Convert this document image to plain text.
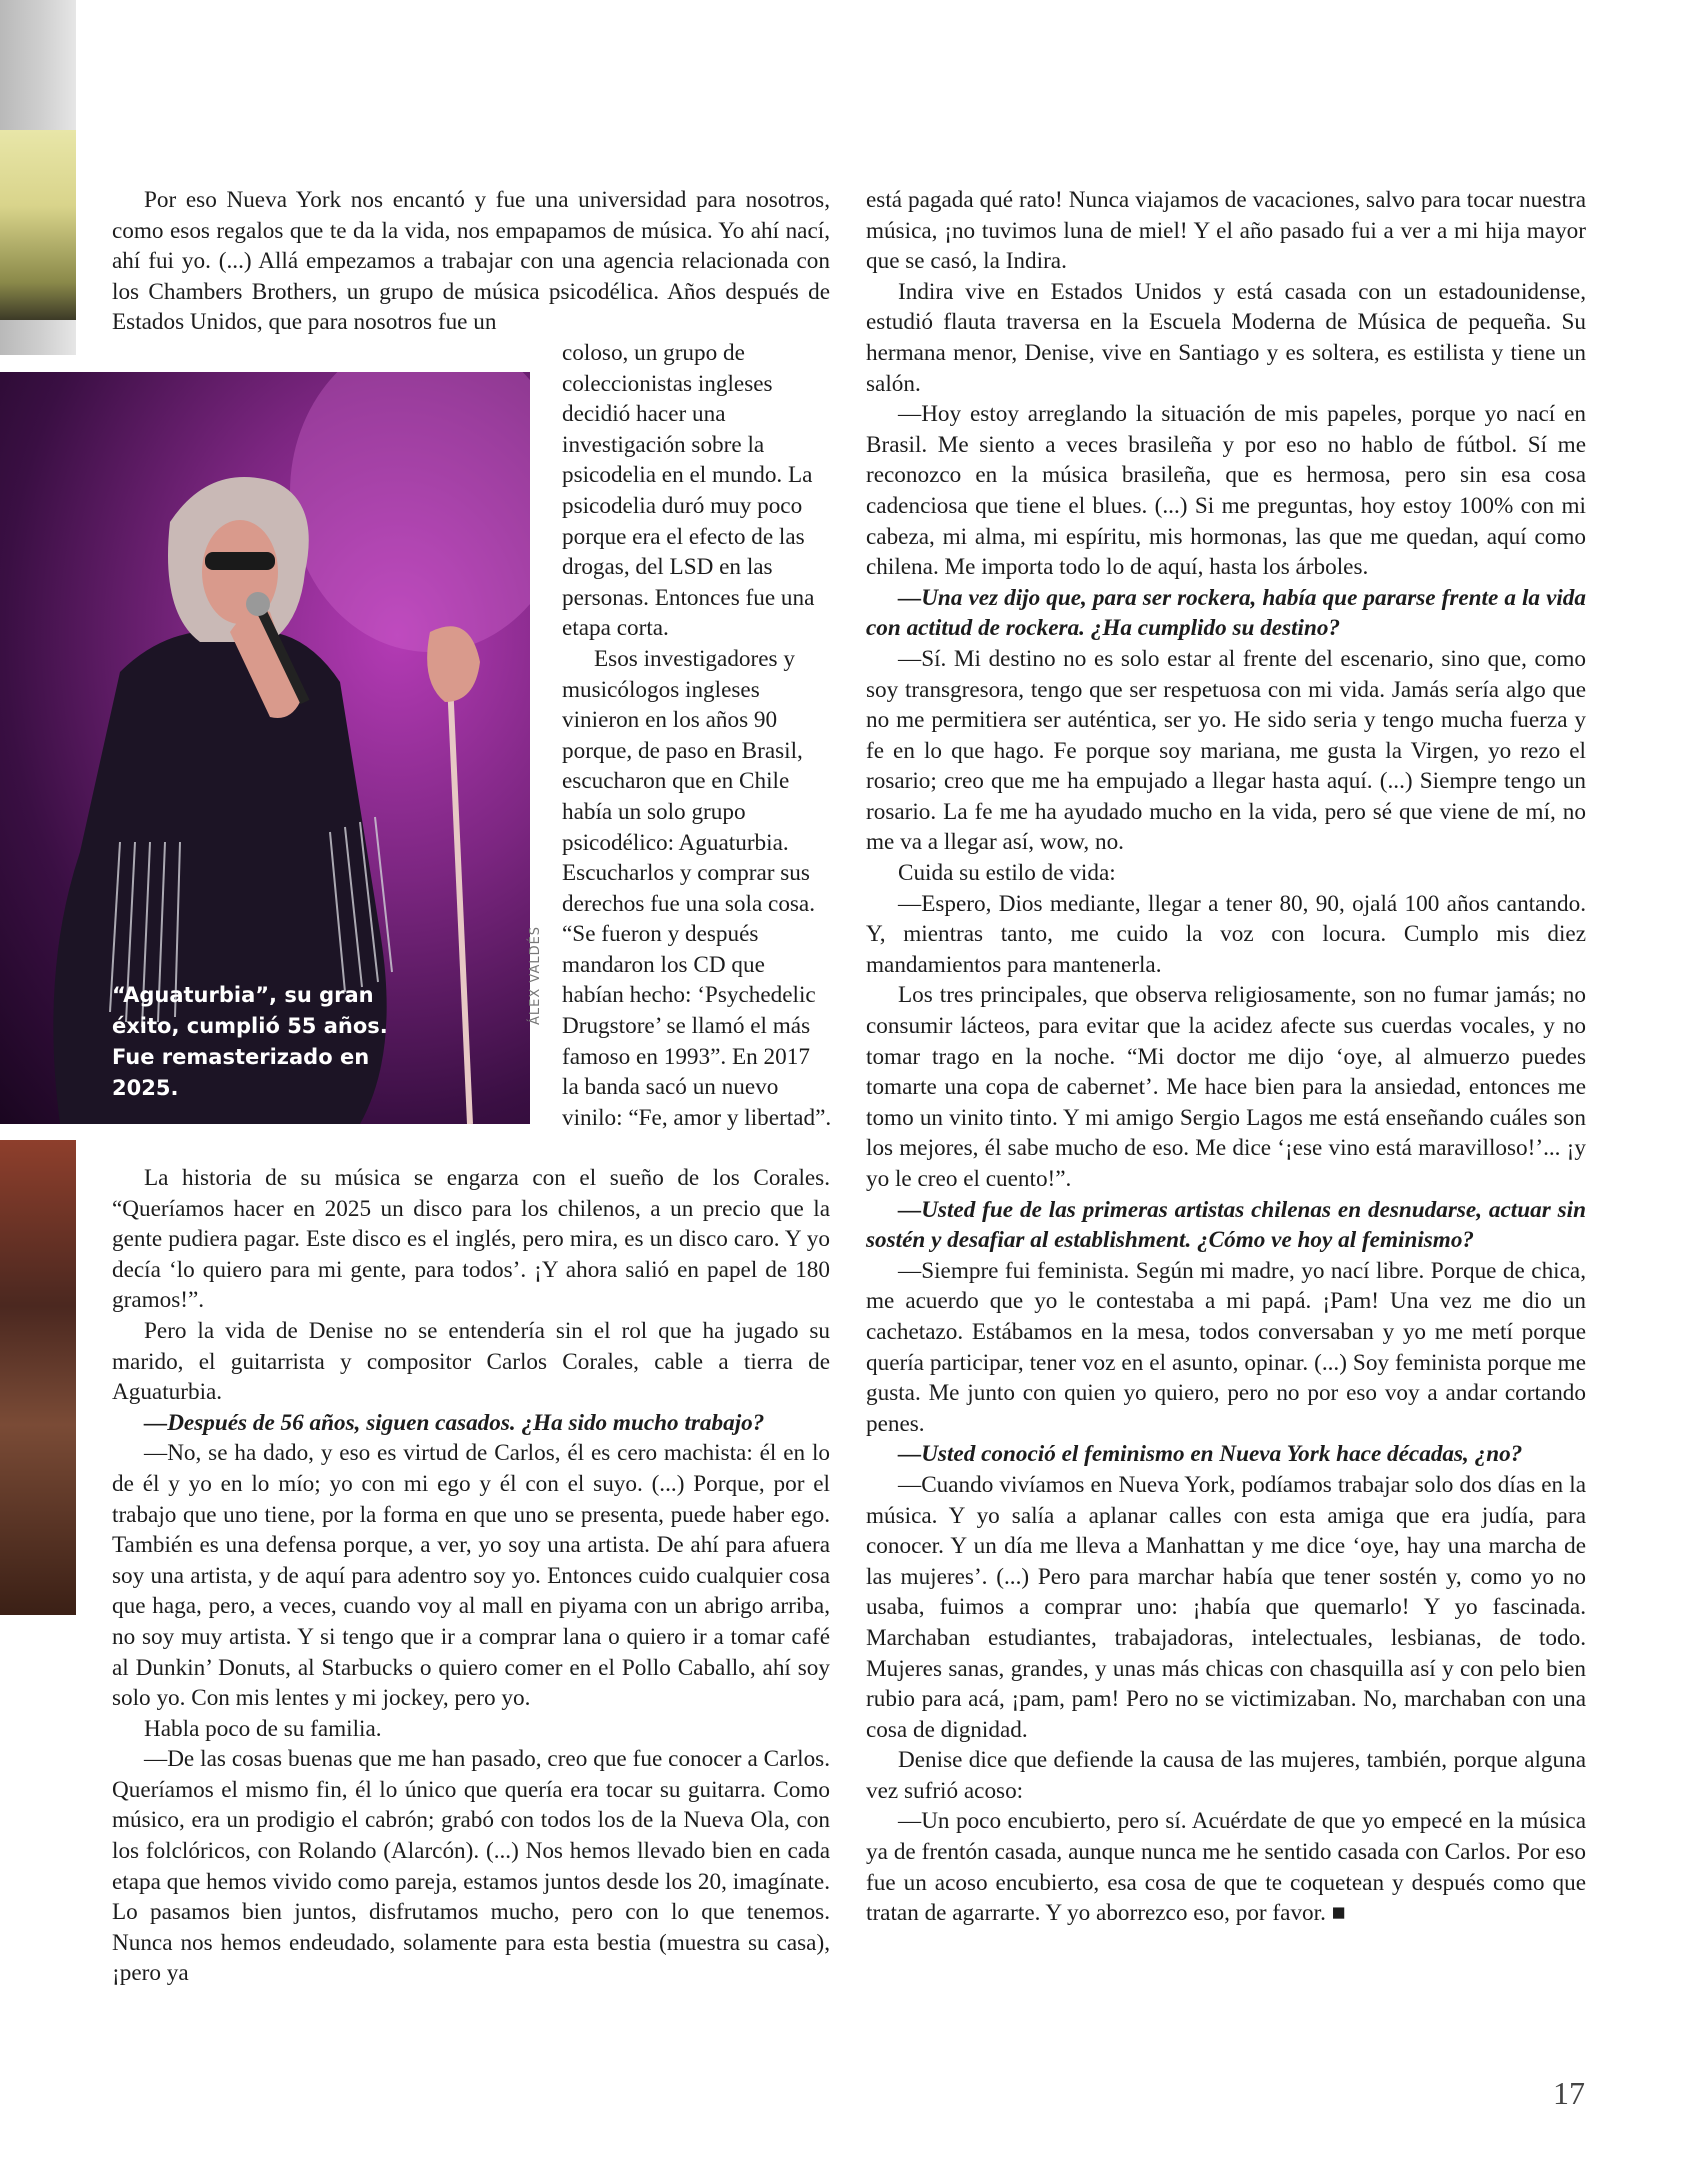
“Aguaturbia”, su gran éxito, cumplió 55 años. Fue remasterizado en 2025.
ÁLEX VALDÉS

Por eso Nueva York nos encantó y fue una universidad para nosotros, como esos regalos que te da la vida, nos empapamos de música. Yo ahí nací, ahí fui yo. (...) Allá empezamos a trabajar con una agencia relacionada con los Chambers Brothers, un grupo de música psicodélica. Años después de Estados Unidos, que para nosotros fue un

coloso, un grupo de coleccionistas ingleses decidió hacer una investigación sobre la psicodelia en el mundo. La psicodelia duró muy poco porque era el efecto de las drogas, del LSD en las personas. Entonces fue una etapa corta.

Esos investigadores y musicólogos ingleses vinieron en los años 90 porque, de paso en Brasil, escucharon que en Chile había un solo grupo psicodélico: Aguaturbia. Escucharlos y comprar sus derechos fue una sola cosa. “Se fueron y después mandaron los CD que habían hecho: ‘Psychedelic Drugstore’ se llamó el más famoso en 1993”. En 2017 la banda sacó un nuevo vinilo: “Fe, amor y libertad”.

La historia de su música se engarza con el sueño de los Corales. “Queríamos hacer en 2025 un disco para los chilenos, a un precio que la gente pudiera pagar. Este disco es el inglés, pero mira, es un disco caro. Y yo decía ‘lo quiero para mi gente, para todos’. ¡Y ahora salió en papel de 180 gramos!”.

Pero la vida de Denise no se entendería sin el rol que ha jugado su marido, el guitarrista y compositor Carlos Corales, cable a tierra de Aguaturbia.

—Después de 56 años, siguen casados. ¿Ha sido mucho trabajo?

—No, se ha dado, y eso es virtud de Carlos, él es cero machista: él en lo de él y yo en lo mío; yo con mi ego y él con el suyo. (...) Porque, por el trabajo que uno tiene, por la forma en que uno se presenta, puede haber ego. También es una defensa porque, a ver, yo soy una artista. De ahí para afuera soy una artista, y de aquí para adentro soy yo. Entonces cuido cualquier cosa que haga, pero, a veces, cuando voy al mall en piyama con un abrigo arriba, no soy muy artista. Y si tengo que ir a comprar lana o quiero ir a tomar café al Dunkin’ Donuts, al Starbucks o quiero comer en el Pollo Caballo, ahí soy solo yo. Con mis lentes y mi jockey, pero yo.

Habla poco de su familia.

—De las cosas buenas que me han pasado, creo que fue conocer a Carlos. Queríamos el mismo fin, él lo único que quería era tocar su guitarra. Como músico, era un prodigio el cabrón; grabó con todos los de la Nueva Ola, con los folclóricos, con Rolando (Alarcón). (...) Nos hemos llevado bien en cada etapa que hemos vivido como pareja, estamos juntos desde los 20, imagínate. Lo pasamos bien juntos, disfrutamos mucho, pero con lo que tenemos. Nunca nos hemos endeudado, solamente para esta bestia (muestra su casa), ¡pero ya

está pagada qué rato! Nunca viajamos de vacaciones, salvo para tocar nuestra música, ¡no tuvimos luna de miel! Y el año pasado fui a ver a mi hija mayor que se casó, la Indira.

Indira vive en Estados Unidos y está casada con un estadounidense, estudió flauta traversa en la Escuela Moderna de Música de pequeña. Su hermana menor, Denise, vive en Santiago y es soltera, es estilista y tiene un salón.

—Hoy estoy arreglando la situación de mis papeles, porque yo nací en Brasil. Me siento a veces brasileña y por eso no hablo de fútbol. Sí me reconozco en la música brasileña, que es hermosa, pero sin esa cosa cadenciosa que tiene el blues. (...) Si me preguntas, hoy estoy 100% con mi cabeza, mi alma, mi espíritu, mis hormonas, las que me quedan, aquí como chilena. Me importa todo lo de aquí, hasta los árboles.

—Una vez dijo que, para ser rockera, había que pararse frente a la vida con actitud de rockera. ¿Ha cumplido su destino?

—Sí. Mi destino no es solo estar al frente del escenario, sino que, como soy transgresora, tengo que ser respetuosa con mi vida. Jamás sería algo que no me permitiera ser auténtica, ser yo. He sido seria y tengo mucha fuerza y fe en lo que hago. Fe porque soy mariana, me gusta la Virgen, yo rezo el rosario; creo que me ha empujado a llegar hasta aquí. (...) Siempre tengo un rosario. La fe me ha ayudado mucho en la vida, pero sé que viene de mí, no me va a llegar así, wow, no.

Cuida su estilo de vida:

—Espero, Dios mediante, llegar a tener 80, 90, ojalá 100 años cantando. Y, mientras tanto, me cuido la voz con locura. Cumplo mis diez mandamientos para mantenerla.

Los tres principales, que observa religiosamente, son no fumar jamás; no consumir lácteos, para evitar que la acidez afecte sus cuerdas vocales, y no tomar trago en la noche. “Mi doctor me dijo ‘oye, al almuerzo puedes tomarte una copa de cabernet’. Me hace bien para la ansiedad, entonces me tomo un vinito tinto. Y mi amigo Sergio Lagos me está enseñando cuáles son los mejores, él sabe mucho de eso. Me dice ‘¡ese vino está maravilloso!’... ¡y yo le creo el cuento!”.

—Usted fue de las primeras artistas chilenas en desnudarse, actuar sin sostén y desafiar al establishment. ¿Cómo ve hoy al feminismo?

—Siempre fui feminista. Según mi madre, yo nací libre. Porque de chica, me acuerdo que yo le contestaba a mi papá. ¡Pam! Una vez me dio un cachetazo. Estábamos en la mesa, todos conversaban y yo me metí porque quería participar, tener voz en el asunto, opinar. (...) Soy feminista porque me gusta. Me junto con quien yo quiero, pero no por eso voy a andar cortando penes.

—Usted conoció el feminismo en Nueva York hace décadas, ¿no?

—Cuando vivíamos en Nueva York, podíamos trabajar solo dos días en la música. Y yo salía a aplanar calles con esta amiga que era judía, para conocer. Y un día me lleva a Manhattan y me dice ‘oye, hay una marcha de las mujeres’. (...) Pero para marchar había que tener sostén y, como yo no usaba, fuimos a comprar uno: ¡había que quemarlo! Y yo fascinada. Marchaban estudiantes, trabajadoras, intelectuales, lesbianas, de todo. Mujeres sanas, grandes, y unas más chicas con chasquilla así y con pelo bien rubio para acá, ¡pam, pam! Pero no se victimizaban. No, marchaban con una cosa de dignidad.

Denise dice que defiende la causa de las mujeres, también, porque alguna vez sufrió acoso:

—Un poco encubierto, pero sí. Acuérdate de que yo empecé en la música ya de frentón casada, aunque nunca me he sentido casada con Carlos. Por eso fue un acoso encubierto, esa cosa de que te coquetean y después como que tratan de agarrarte. Y yo aborrezco eso, por favor. ■

17
